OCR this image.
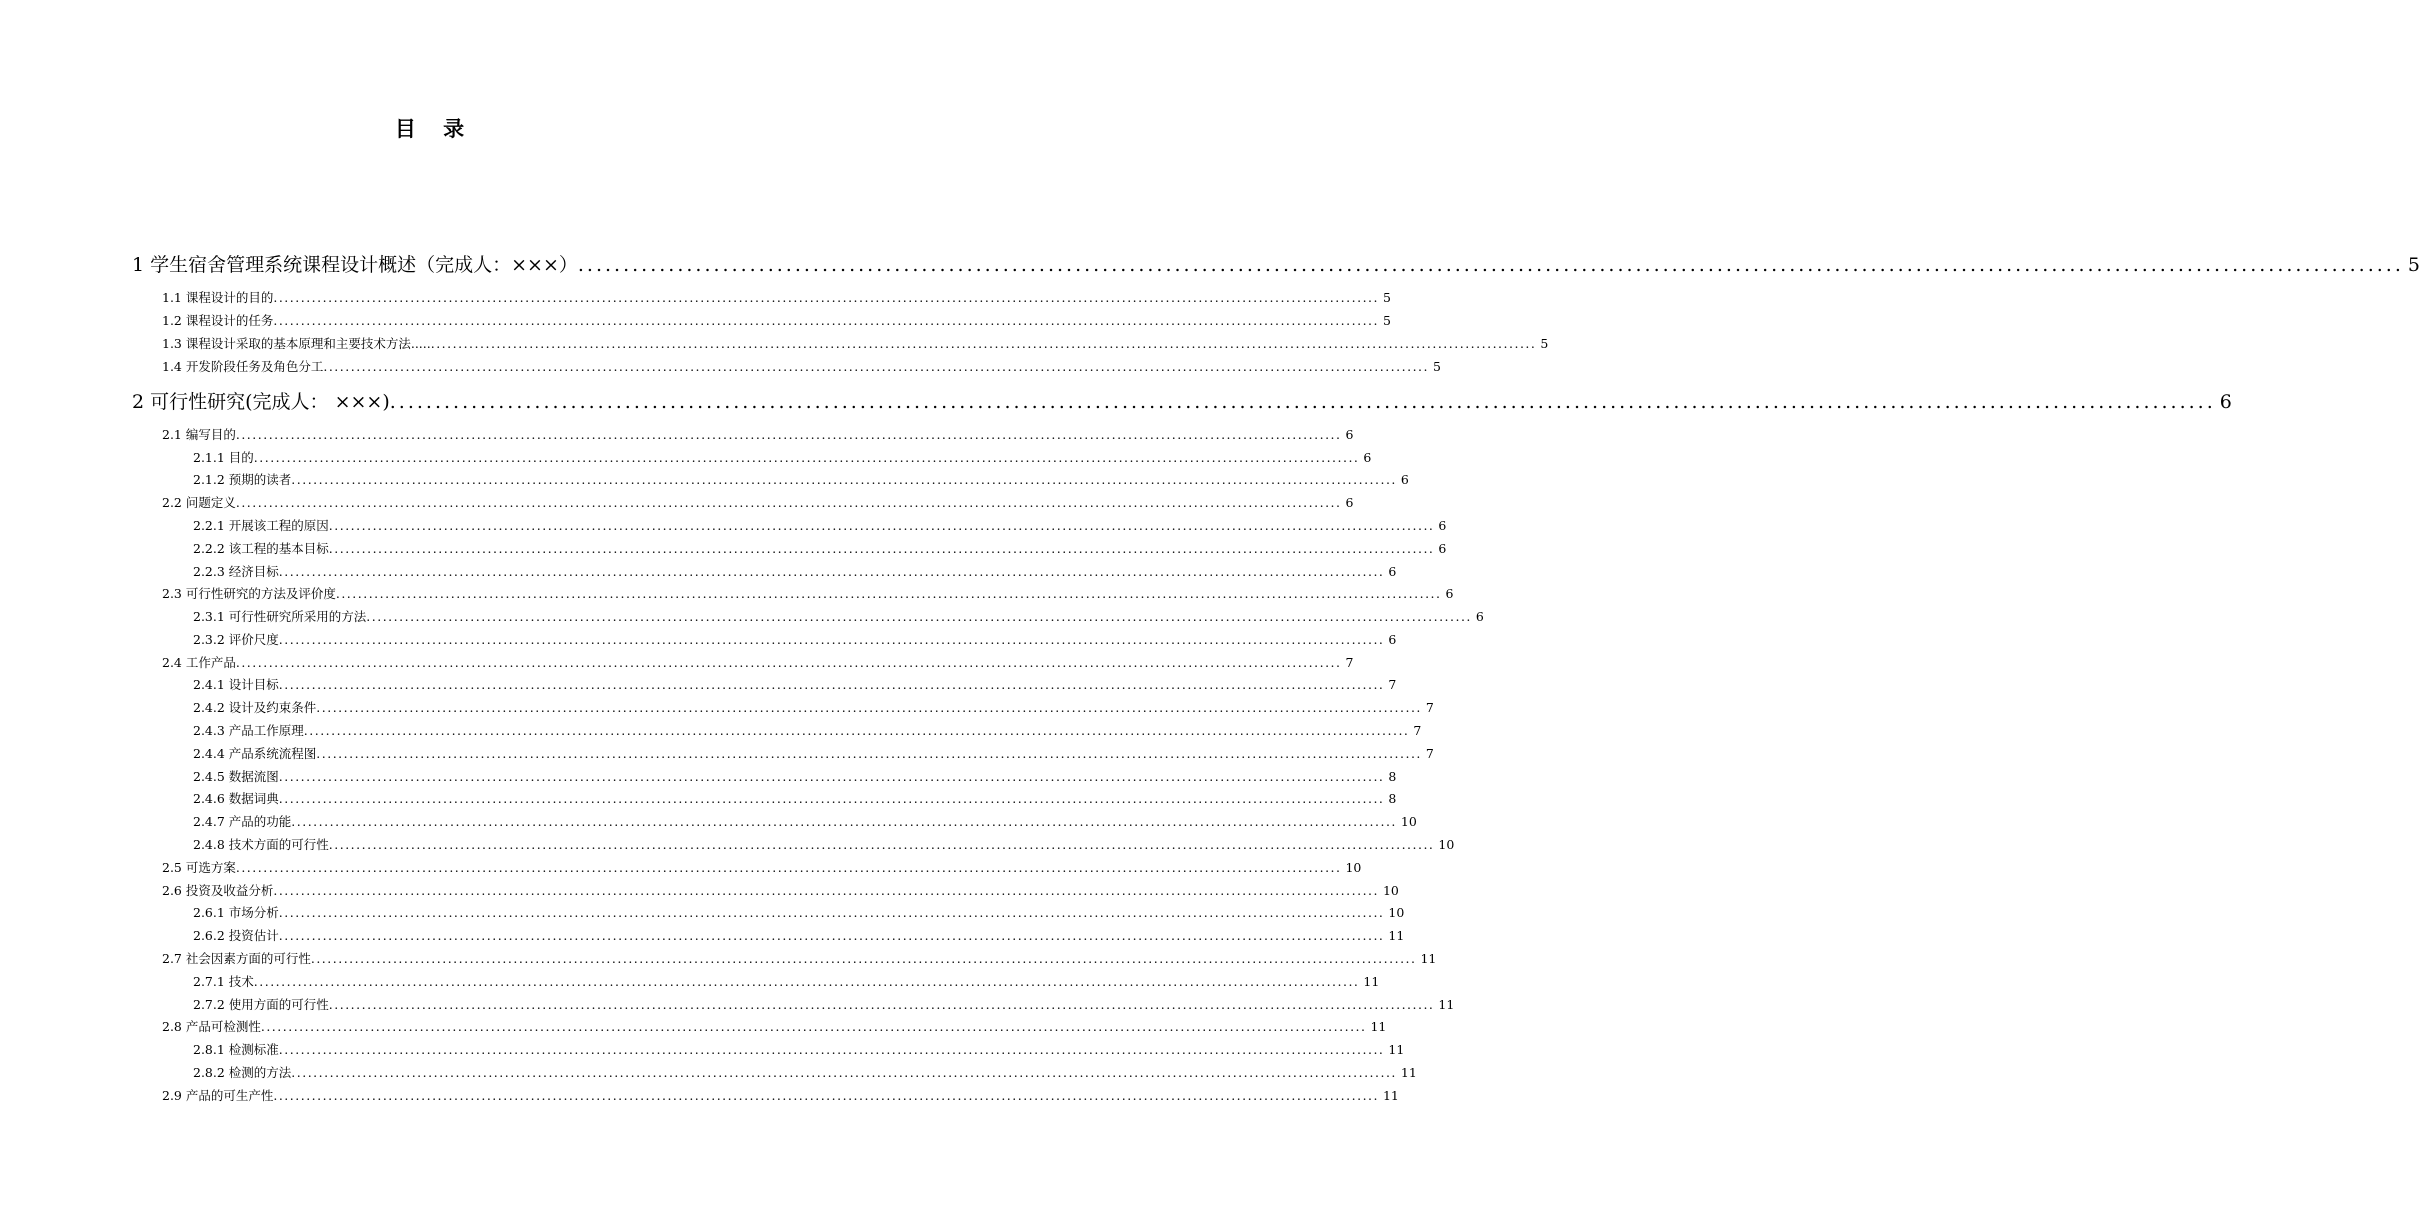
目 录
1 学生宿舍管理系统课程设计概述（完成人：×××） .......................................................................................................................................................................................................... 5
1.1 课程设计的目的 .......................................................................................................................................................................................................... 5
1.2 课程设计的任务 .......................................................................................................................................................................................................... 5
1.3 课程设计采取的基本原理和主要技术方法..... .......................................................................................................................................................................................................... 5
1.4 开发阶段任务及角色分工 .......................................................................................................................................................................................................... 5
2 可行性研究(完成人： ×××) .......................................................................................................................................................................................................... 6
2.1 编写目的 .......................................................................................................................................................................................................... 6
2.1.1 目的 .......................................................................................................................................................................................................... 6
2.1.2 预期的读者 .......................................................................................................................................................................................................... 6
2.2 问题定义 .......................................................................................................................................................................................................... 6
2.2.1 开展该工程的原因 .......................................................................................................................................................................................................... 6
2.2.2 该工程的基本目标 .......................................................................................................................................................................................................... 6
2.2.3 经济目标 .......................................................................................................................................................................................................... 6
2.3 可行性研究的方法及评价度 .......................................................................................................................................................................................................... 6
2.3.1 可行性研究所采用的方法 .......................................................................................................................................................................................................... 6
2.3.2 评价尺度 .......................................................................................................................................................................................................... 6
2.4 工作产品 .......................................................................................................................................................................................................... 7
2.4.1 设计目标 .......................................................................................................................................................................................................... 7
2.4.2 设计及约束条件 .......................................................................................................................................................................................................... 7
2.4.3 产品工作原理 .......................................................................................................................................................................................................... 7
2.4.4 产品系统流程图 .......................................................................................................................................................................................................... 7
2.4.5 数据流图 .......................................................................................................................................................................................................... 8
2.4.6 数据词典 .......................................................................................................................................................................................................... 8
2.4.7 产品的功能 .......................................................................................................................................................................................................... 10
2.4.8 技术方面的可行性 .......................................................................................................................................................................................................... 10
2.5 可选方案 .......................................................................................................................................................................................................... 10
2.6 投资及收益分析 .......................................................................................................................................................................................................... 10
2.6.1 市场分析 .......................................................................................................................................................................................................... 10
2.6.2 投资估计 .......................................................................................................................................................................................................... 11
2.7 社会因素方面的可行性 .......................................................................................................................................................................................................... 11
2.7.1 技术 .......................................................................................................................................................................................................... 11
2.7.2 使用方面的可行性 .......................................................................................................................................................................................................... 11
2.8 产品可检测性 .......................................................................................................................................................................................................... 11
2.8.1 检测标准 .......................................................................................................................................................................................................... 11
2.8.2 检测的方法 .......................................................................................................................................................................................................... 11
2.9 产品的可生产性 .......................................................................................................................................................................................................... 11
